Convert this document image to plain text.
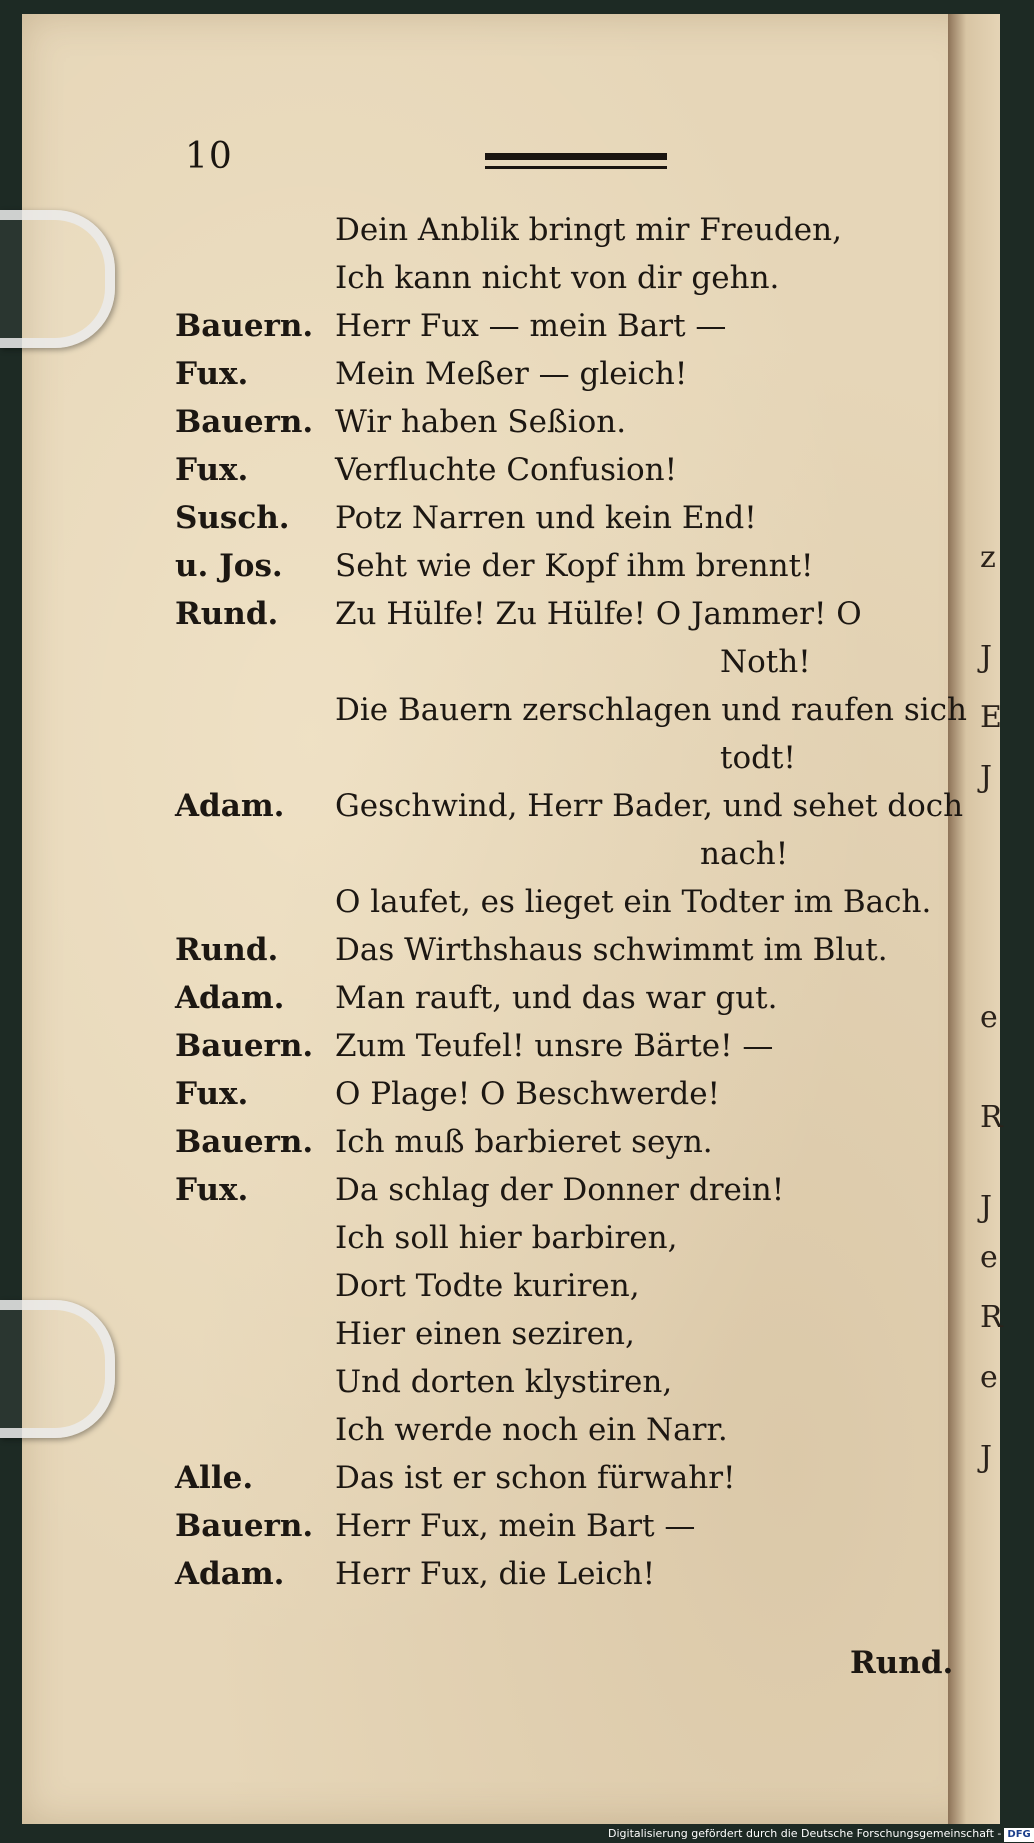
10
Dein Anblik bringt mir Freuden,
Ich kann nicht von dir gehn.
Bauern. Herr Fux — mein Bart —
Fux.	Mein Meßer — gleich!
Bauern. Wir haben Seßion.
Fux.	Verfluchte Confusion!
Susch. Potz Narren und kein End!
u. Jos. Seht wie der Kopf ihm brennt!
Rund. Zu Hülfe! Zu Hülfe! O Jammer! O
Noth!
Die Bauern zerschlagen und raufen sich
todt!
Adam. Geschwind, Herr Bader, und sehet doch
nach!
O laufet, es lieget ein Todter im Bach.
Rund. Das Wirthshaus schwimmt im Blut.
Adam. Man rauft, und das war gut.
Bauern. Zum Teufel! unsre Bärte! —
Fux.	O Plage! O Beschwerde!
Bauern. Ich muß barbieret seyn.
Fux.	Da schlag der Donner drein!
Ich soll hier barbiren,
Dort Todte kuriren,
Hier einen seziren,
Und dorten klystiren,
Ich werde noch ein Narr.
Alle.	Das ist er schon fürwahr!
Bauern. Herr Fux, mein Bart —
Adam. Herr Fux, die Leich!
Rund.
z
J
E
J
e
R
J
e
R
e
J
Digitalisierung gefördert durch die Deutsche Forschungsgemeinschaft - DFG
